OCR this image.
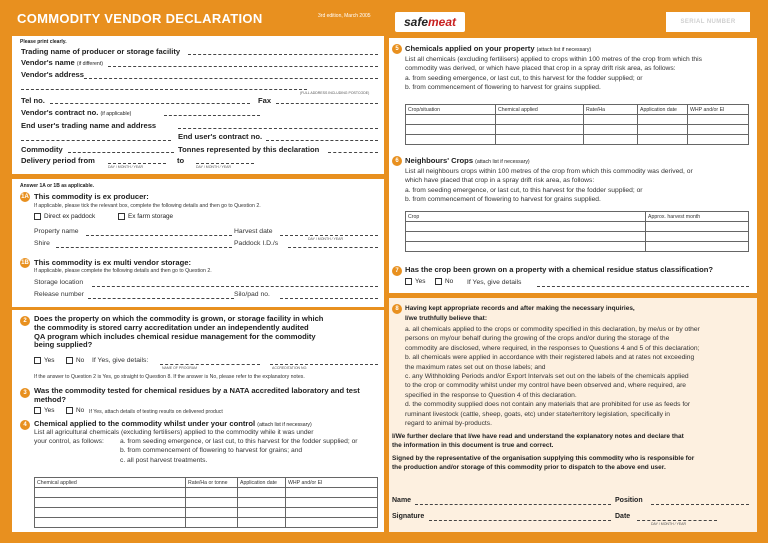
COMMODITY VENDOR DECLARATION	3rd edition, March 2005	safe meat	SERIAL NUMBER
Please print clearly.
Trading name of producer or storage facility
Vendor's name (if different)
Vendor's address
(FULL ADDRESS INCLUDING POSTCODE)
Tel no.	Fax
Vendor's contract no. (if applicable)
End user's trading name and address
End user's contract no.
Commodity	Tonnes represented by this declaration
Delivery period from
DAY / MONTH / YEAR
to
DAY / MONTH / YEAR
Answer 1A or 1B as applicable.
1A This commodity is ex producer:
If applicable, please tick the relevant box, complete the following details and then go to Question 2.
Direct ex paddock	Ex farm storage
Property name	Harvest date
DAY / MONTH / YEAR
Shire	Paddock I.D./s
1B This commodity is ex multi vendor storage:
If applicable, please complete the following details and then go to Question 2.
Storage location
Release number	Silo/pad no.
2 Does the property on which the commodity is grown, or storage facility in which
the commodity is stored carry accreditation under an independently audited
QA program which includes chemical residue management for the commodity
being supplied?
Yes	No If Yes, give details:
NAME OF PROGRAM	ACCREDITATION NO.
If the answer to Question 2 is Yes, go straight to Question 8. If the answer is No, please refer to the explanatory notes.
3 Was the commodity tested for chemical residues by a NATA accredited laboratory and test
method?
Yes	No If Yes, attach details of testing results on delivered product
4 Chemical applied to the commodity whilst under your control (attach list if necessary)
List all agricultural chemicals (excluding fertilisers) applied to the commodity while it was under
your control, as follows:	a. from seeding emergence, or last cut, to this harvest for the fodder supplied; or
b. from commencement of flowering to harvest for grains; and
c. all post harvest treatments.
Chemical applied	Rate/Ha or tonne	Application date	WHP and/or EI

5 Chemicals applied on your property (attach list if necessary)
List all chemicals (excluding fertilisers) applied to crops within 100 metres of the crop from which this
commodity was derived, or which have placed that crop in a spray drift risk area, as follows:
a. from seeding emergence, or last cut, to this harvest for the fodder supplied; or
b. from commencement of flowering to harvest for grains supplied.
Crop/situation	Chemical applied	Rate/Ha	Application date	WHP and/or EI

6 Neighbours' Crops (attach list if necessary)
List all neighbours crops within 100 metres of the crop from which this commodity was derived, or
which have placed that crop in a spray drift risk area, as follows:
a. from seeding emergence, or last cut, to this harvest for the fodder supplied; or
b. from commencement of flowering to harvest for grains supplied.
Crop	Approx. harvest month

7 Has the crop been grown on a property with a chemical residue status classification?
Yes	No If Yes, give details
8 Having kept appropriate records and after making the necessary inquiries,
I/we truthfully believe that:
a. all chemicals applied to the crops or commodity specified in this declaration, by me/us or by other
persons on my/our behalf during the growing of the crops and/or during the storage of the
commodity are disclosed, where required, in the responses to Questions 4 and 5 of this declaration;
b. all chemicals were applied in accordance with their registered labels and at rates not exceeding
the maximum rates set out on those labels; and
c. any Withholding Periods and/or Export Intervals set out on the labels of the chemicals applied
to the crop or commodity whilst under my control have been observed and, where required, are
specified in the response to Question 4 of this declaration.
d. the commodity supplied does not contain any materials that are prohibited for use as feeds for
ruminant livestock (cattle, sheep, goats, etc) under state/territory legislation, specifically in
regard to animal by-products.
I/We further declare that I/we have read and understand the explanatory notes and declare that
the information in this document is true and correct.
Signed by the representative of the organisation supplying this commodity who is responsible for
the production and/or storage of this commodity prior to dispatch to the above end user.
Name	Position
Signature	Date
DAY / MONTH / YEAR
